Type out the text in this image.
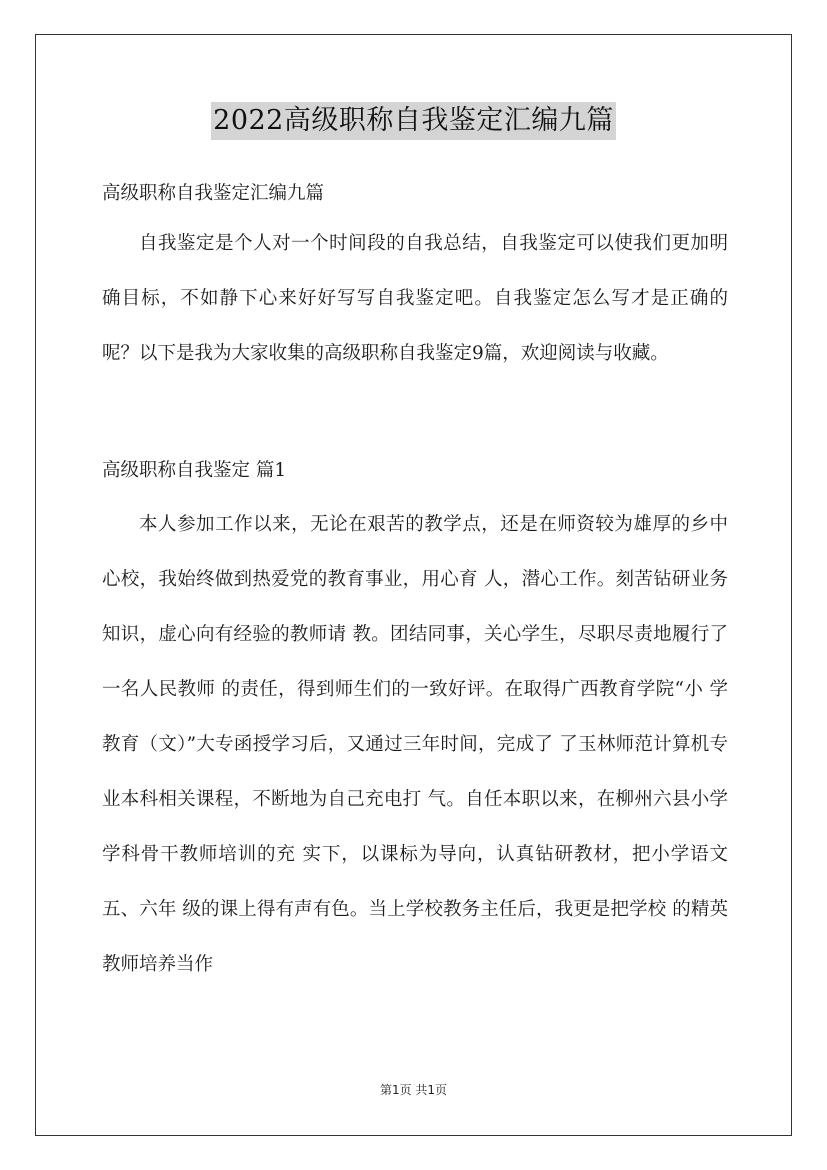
2022高级职称自我鉴定汇编九篇

高级职称自我鉴定汇编九篇

自我鉴定是个人对一个时间段的自我总结，自我鉴定可以使我们更加明确目标，不如静下心来好好写写自我鉴定吧。自我鉴定怎么写才是正确的呢？以下是我为大家收集的高级职称自我鉴定9篇，欢迎阅读与收藏。

高级职称自我鉴定 篇1

本人参加工作以来，无论在艰苦的教学点，还是在师资较为雄厚的乡中心校，我始终做到热爱党的教育事业，用心育 人，潜心工作。刻苦钻研业务知识，虚心向有经验的教师请 教。团结同事，关心学生，尽职尽责地履行了一名人民教师 的责任，得到师生们的一致好评。在取得广西教育学院“小 学教育（文）”大专函授学习后，又通过三年时间，完成了 了玉林师范计算机专业本科相关课程，不断地为自己充电打 气。自任本职以来，在柳州六县小学学科骨干教师培训的充 实下，以课标为导向，认真钻研教材，把小学语文五、六年 级的课上得有声有色。当上学校教务主任后，我更是把学校 的精英教师培养当作

第1页 共1页
